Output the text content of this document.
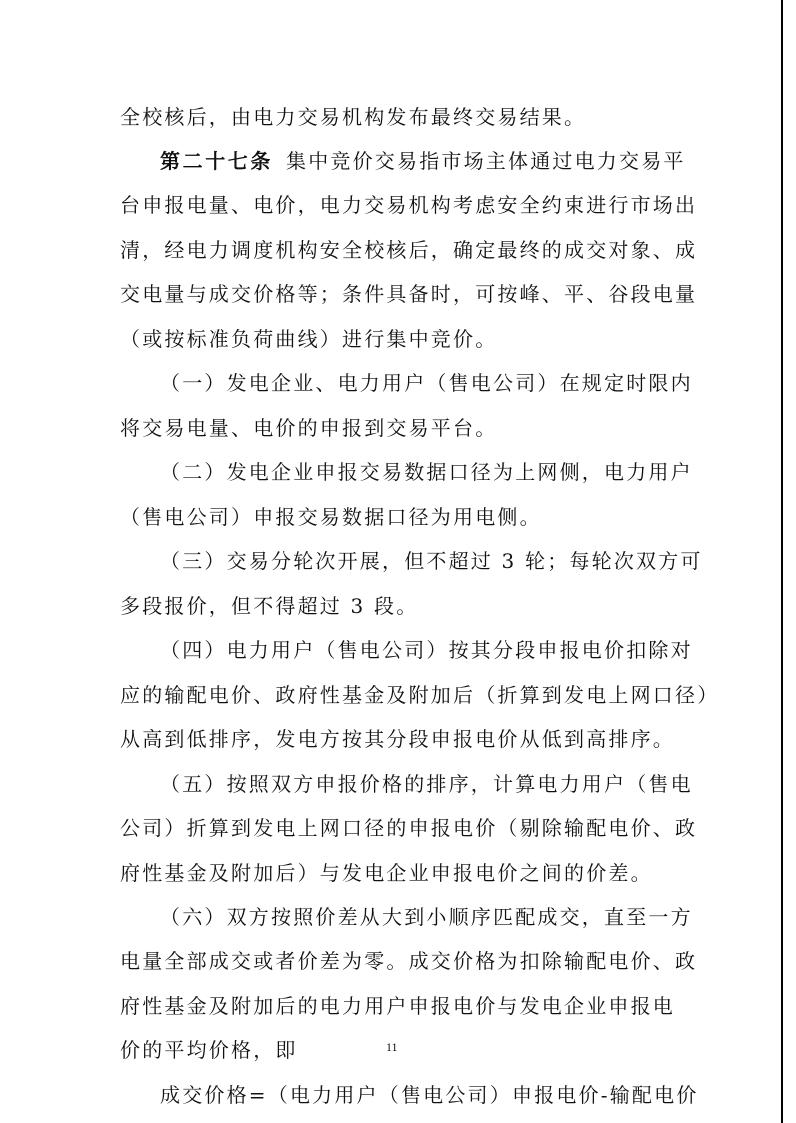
全校核后，由电力交易机构发布最终交易结果。
第二十七条 集中竞价交易指市场主体通过电力交易平
台申报电量、电价，电力交易机构考虑安全约束进行市场出
清，经电力调度机构安全校核后，确定最终的成交对象、成
交电量与成交价格等；条件具备时，可按峰、平、谷段电量
（或按标准负荷曲线）进行集中竞价。
（一）发电企业、电力用户（售电公司）在规定时限内
将交易电量、电价的申报到交易平台。
（二）发电企业申报交易数据口径为上网侧，电力用户
（售电公司）申报交易数据口径为用电侧。
（三）交易分轮次开展，但不超过 3 轮；每轮次双方可
多段报价，但不得超过 3 段。
（四）电力用户（售电公司）按其分段申报电价扣除对
应的输配电价、政府性基金及附加后（折算到发电上网口径）
从高到低排序，发电方按其分段申报电价从低到高排序。
（五）按照双方申报价格的排序，计算电力用户（售电
公司）折算到发电上网口径的申报电价（剔除输配电价、政
府性基金及附加后）与发电企业申报电价之间的价差。
（六）双方按照价差从大到小顺序匹配成交，直至一方
电量全部成交或者价差为零。成交价格为扣除输配电价、政
府性基金及附加后的电力用户申报电价与发电企业申报电
价的平均价格，即
成交价格=（电力用户（售电公司）申报电价-输配电价
11
